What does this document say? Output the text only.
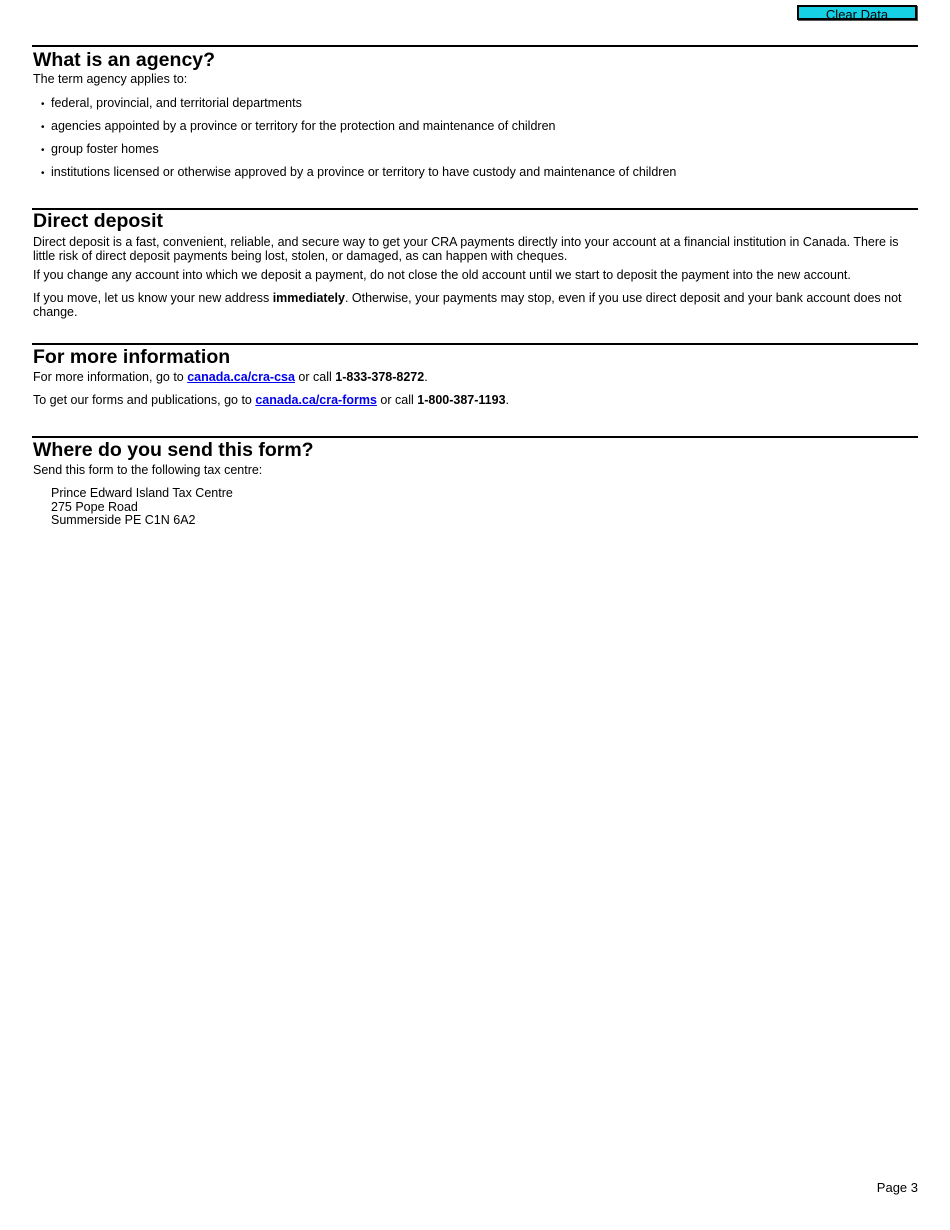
Clear Data
What is an agency?
The term agency applies to:
• federal, provincial, and territorial departments
• agencies appointed by a province or territory for the protection and maintenance of children
• group foster homes
• institutions licensed or otherwise approved by a province or territory to have custody and maintenance of children
Direct deposit
Direct deposit is a fast, convenient, reliable, and secure way to get your CRA payments directly into your account at a financial institution in Canada. There is little risk of direct deposit payments being lost, stolen, or damaged, as can happen with cheques.
If you change any account into which we deposit a payment, do not close the old account until we start to deposit the payment into the new account.
If you move, let us know your new address immediately. Otherwise, your payments may stop, even if you use direct deposit and your bank account does not change.
For more information
For more information, go to canada.ca/cra-csa or call 1-833-378-8272.
To get our forms and publications, go to canada.ca/cra-forms or call 1-800-387-1193.
Where do you send this form?
Send this form to the following tax centre:
Prince Edward Island Tax Centre
275 Pope Road
Summerside PE C1N 6A2
Page 3
